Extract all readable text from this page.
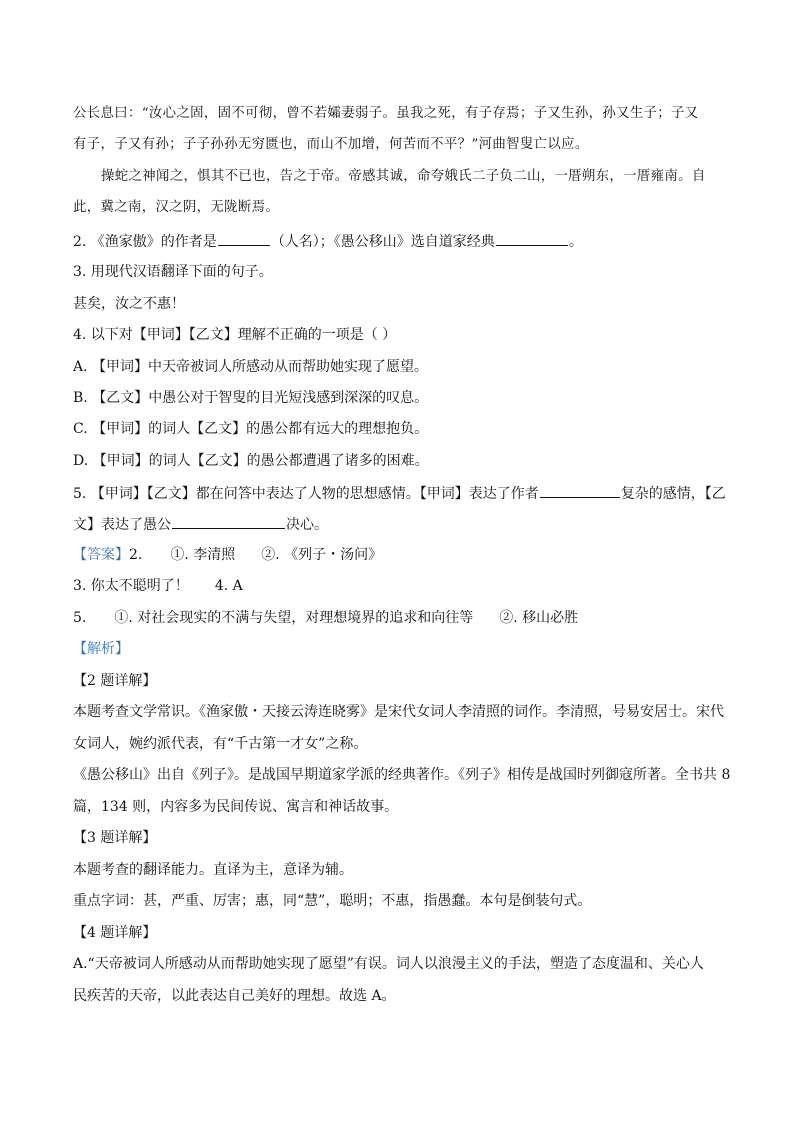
公长息曰：“汝心之固，固不可彻，曾不若孀妻弱子。虽我之死，有子存焉；子又生孙，孙又生子；子又
有子，子又有孙；子子孙孙无穷匮也，而山不加增，何苦而不平？”河曲智叟亡以应。
操蛇之神闻之，惧其不已也，告之于帝。帝感其诚，命夸娥氏二子负二山，一厝朔东，一厝雍南。自
此，冀之南，汉之阴，无陇断焉。
2. 《渔家傲》的作者是	（人名）；《愚公移山》选自道家经典	。
3. 用现代汉语翻译下面的句子。
甚矣，汝之不惠！
4. 以下对【甲词】【乙文】理解不正确的一项是（ ）
A. 【甲词】中天帝被词人所感动从而帮助她实现了愿望。
B. 【乙文】中愚公对于智叟的目光短浅感到深深的叹息。
C. 【甲词】的词人【乙文】的愚公都有远大的理想抱负。
D. 【甲词】的词人【乙文】的愚公都遭遇了诸多的困难。
5. 【甲词】【乙文】都在问答中表达了人物的思想感情。【甲词】表达了作者	复杂的感情，【乙
文】表达了愚公	决心。
【答案】2. ①. 李清照 ②. 《列子・汤问》
3. 你太不聪明了！ 4. A
5. ①. 对社会现实的不满与失望，对理想境界的追求和向往等 ②. 移山必胜
【解析】
【2 题详解】
本题考查文学常识。《渔家傲・天接云涛连晓雾》是宋代女词人李清照的词作。李清照，号易安居士。宋代
女词人，婉约派代表，有“千古第一才女”之称。
《愚公移山》出自《列子》。是战国早期道家学派的经典著作。《列子》相传是战国时列御寇所著。全书共 8
篇，134 则，内容多为民间传说、寓言和神话故事。
【3 题详解】
本题考查的翻译能力。直译为主，意译为辅。
重点字词：甚，严重、厉害；惠，同“慧”，聪明；不惠，指愚蠢。本句是倒装句式。
【4 题详解】
A.“天帝被词人所感动从而帮助她实现了愿望”有误。词人以浪漫主义的手法，塑造了态度温和、关心人
民疾苦的天帝，以此表达自己美好的理想。故选 A。
